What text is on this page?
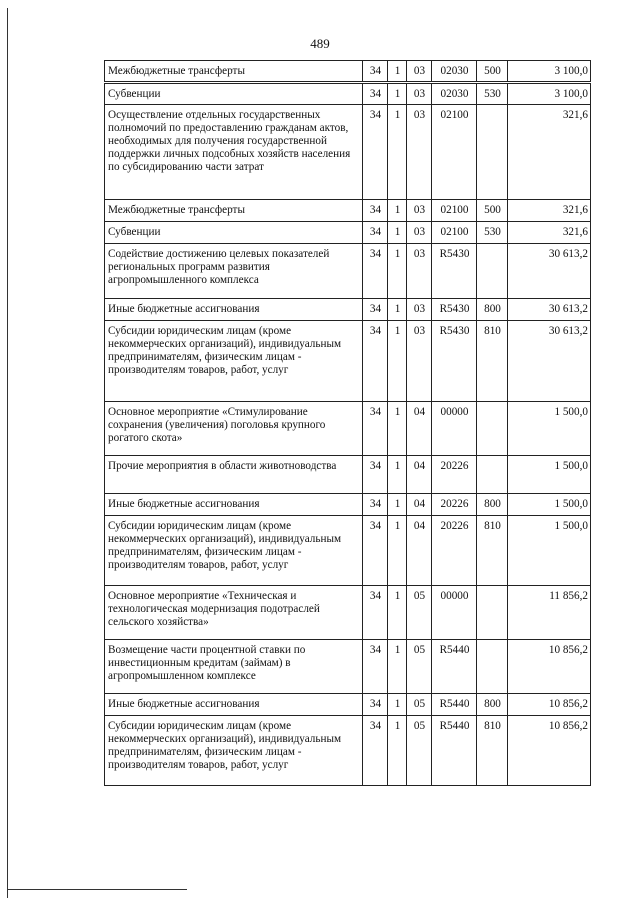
489
Межбюджетные трансферты	34	1	03	02030	500	3 100,0
Субвенции	34	1	03	02030	530	3 100,0
Осуществление отдельных государственных полномочий по предоставлению гражданам актов, необходимых для получения государственной поддержки личных подсобных хозяйств населения по субсидированию части затрат	34	1	03	02100		321,6
Межбюджетные трансферты	34	1	03	02100	500	321,6
Субвенции	34	1	03	02100	530	321,6
Содействие достижению целевых показателей региональных программ развития агропромышленного комплекса	34	1	03	R5430		30 613,2
Иные бюджетные ассигнования	34	1	03	R5430	800	30 613,2
Субсидии юридическим лицам (кроме некоммерческих организаций), индивидуальным предпринимателям, физическим лицам - производителям товаров, работ, услуг	34	1	03	R5430	810	30 613,2
Основное мероприятие «Стимулирование сохранения (увеличения) поголовья крупного рогатого скота»	34	1	04	00000		1 500,0
Прочие мероприятия в области животноводства	34	1	04	20226		1 500,0
Иные бюджетные ассигнования	34	1	04	20226	800	1 500,0
Субсидии юридическим лицам (кроме некоммерческих организаций), индивидуальным предпринимателям, физическим лицам - производителям товаров, работ, услуг	34	1	04	20226	810	1 500,0
Основное мероприятие «Техническая и технологическая модернизация подотраслей сельского хозяйства»	34	1	05	00000		11 856,2
Возмещение части процентной ставки по инвестиционным кредитам (займам) в агропромышленном комплексе	34	1	05	R5440		10 856,2
Иные бюджетные ассигнования	34	1	05	R5440	800	10 856,2
Субсидии юридическим лицам (кроме некоммерческих организаций), индивидуальным предпринимателям, физическим лицам - производителям товаров, работ, услуг	34	1	05	R5440	810	10 856,2
